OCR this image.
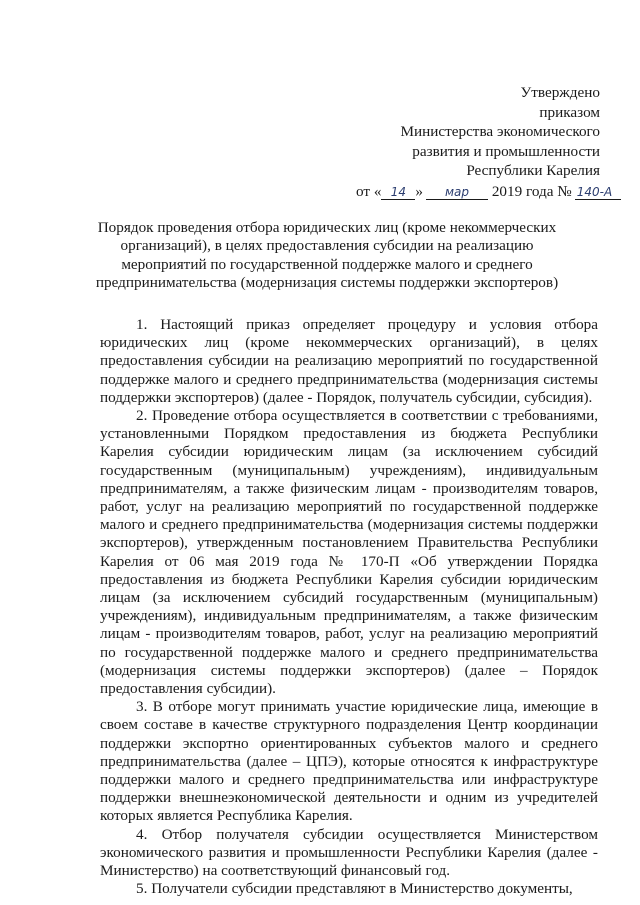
Утверждено
приказом
Министерства экономического
развития и промышленности
Республики Карелия
от « 14 » мар 2019 года № 140-А
Порядок проведения отбора юридических лиц (кроме некоммерческих организаций), в целях предоставления субсидии на реализацию мероприятий по государственной поддержке малого и среднего предпринимательства (модернизация системы поддержки экспортеров)

1. Настоящий приказ определяет процедуру и условия отбора юридических лиц (кроме некоммерческих организаций), в целях предоставления субсидии на реализацию мероприятий по государственной поддержке малого и среднего предпринимательства (модернизация системы поддержки экспортеров) (далее - Порядок, получатель субсидии, субсидия).

2. Проведение отбора осуществляется в соответствии с требованиями, установленными Порядком предоставления из бюджета Республики Карелия субсидии юридическим лицам (за исключением субсидий государственным (муниципальным) учреждениям), индивидуальным предпринимателям, а также физическим лицам - производителям товаров, работ, услуг на реализацию мероприятий по государственной поддержке малого и среднего предпринимательства (модернизация системы поддержки экспортеров), утвержденным постановлением Правительства Республики Карелия от 06 мая 2019 года № 170-П «Об утверждении Порядка предоставления из бюджета Республики Карелия субсидии юридическим лицам (за исключением субсидий государственным (муниципальным) учреждениям), индивидуальным предпринимателям, а также физическим лицам - производителям товаров, работ, услуг на реализацию мероприятий по государственной поддержке малого и среднего предпринимательства (модернизация системы поддержки экспортеров) (далее – Порядок предоставления субсидии).

3. В отборе могут принимать участие юридические лица, имеющие в своем составе в качестве структурного подразделения Центр координации поддержки экспортно ориентированных субъектов малого и среднего предпринимательства (далее – ЦПЭ), которые относятся к инфраструктуре поддержки малого и среднего предпринимательства или инфраструктуре поддержки внешнеэкономической деятельности и одним из учредителей которых является Республика Карелия.

4. Отбор получателя субсидии осуществляется Министерством экономического развития и промышленности Республики Карелия (далее - Министерство) на соответствующий финансовый год.

5. Получатели субсидии представляют в Министерство документы,
